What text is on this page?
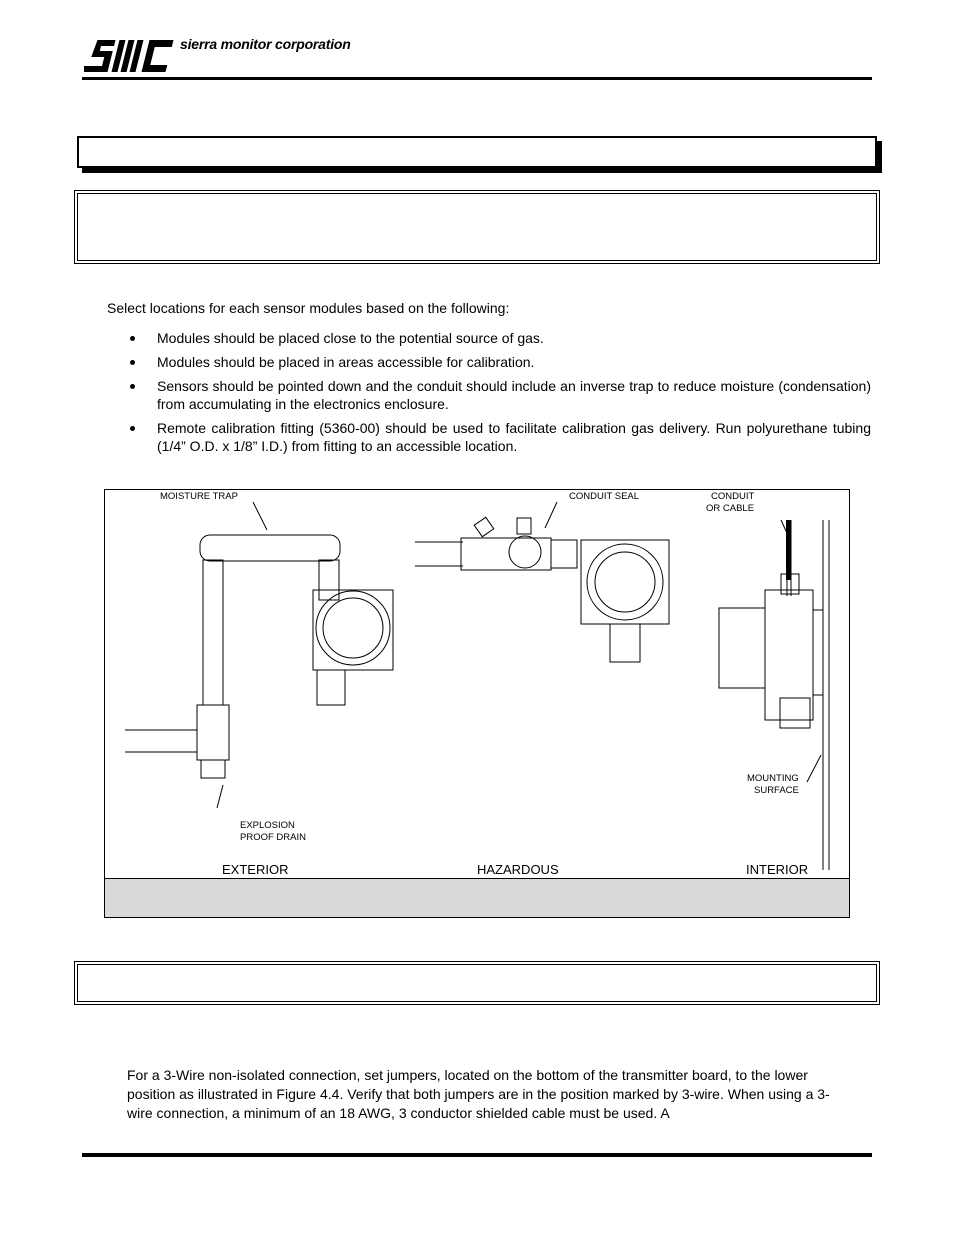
sierra monitor corporation
Select locations for each sensor modules based on the following:
Modules should be placed close to the potential source of gas.
Modules should be placed in areas accessible for calibration.
Sensors should be pointed down and the conduit should include an inverse trap to reduce moisture (condensation) from accumulating in the electronics enclosure.
Remote calibration fitting (5360-00) should be used to facilitate calibration gas delivery. Run polyurethane tubing (1/4” O.D. x 1/8” I.D.) from fitting to an accessible location.
MOISTURE TRAP	CONDUIT SEAL	CONDUIT
OR CABLE
EXPLOSION
PROOF DRAIN
MOUNTING
SURFACE
EXTERIOR	HAZARDOUS	INTERIOR
For a 3-Wire non-isolated connection, set jumpers, located on the bottom of the transmitter board, to the lower position as illustrated in Figure 4.4. Verify that both jumpers are in the position marked by 3-wire. When using a 3-wire connection, a minimum of an 18 AWG, 3 conductor shielded cable must be used. A
